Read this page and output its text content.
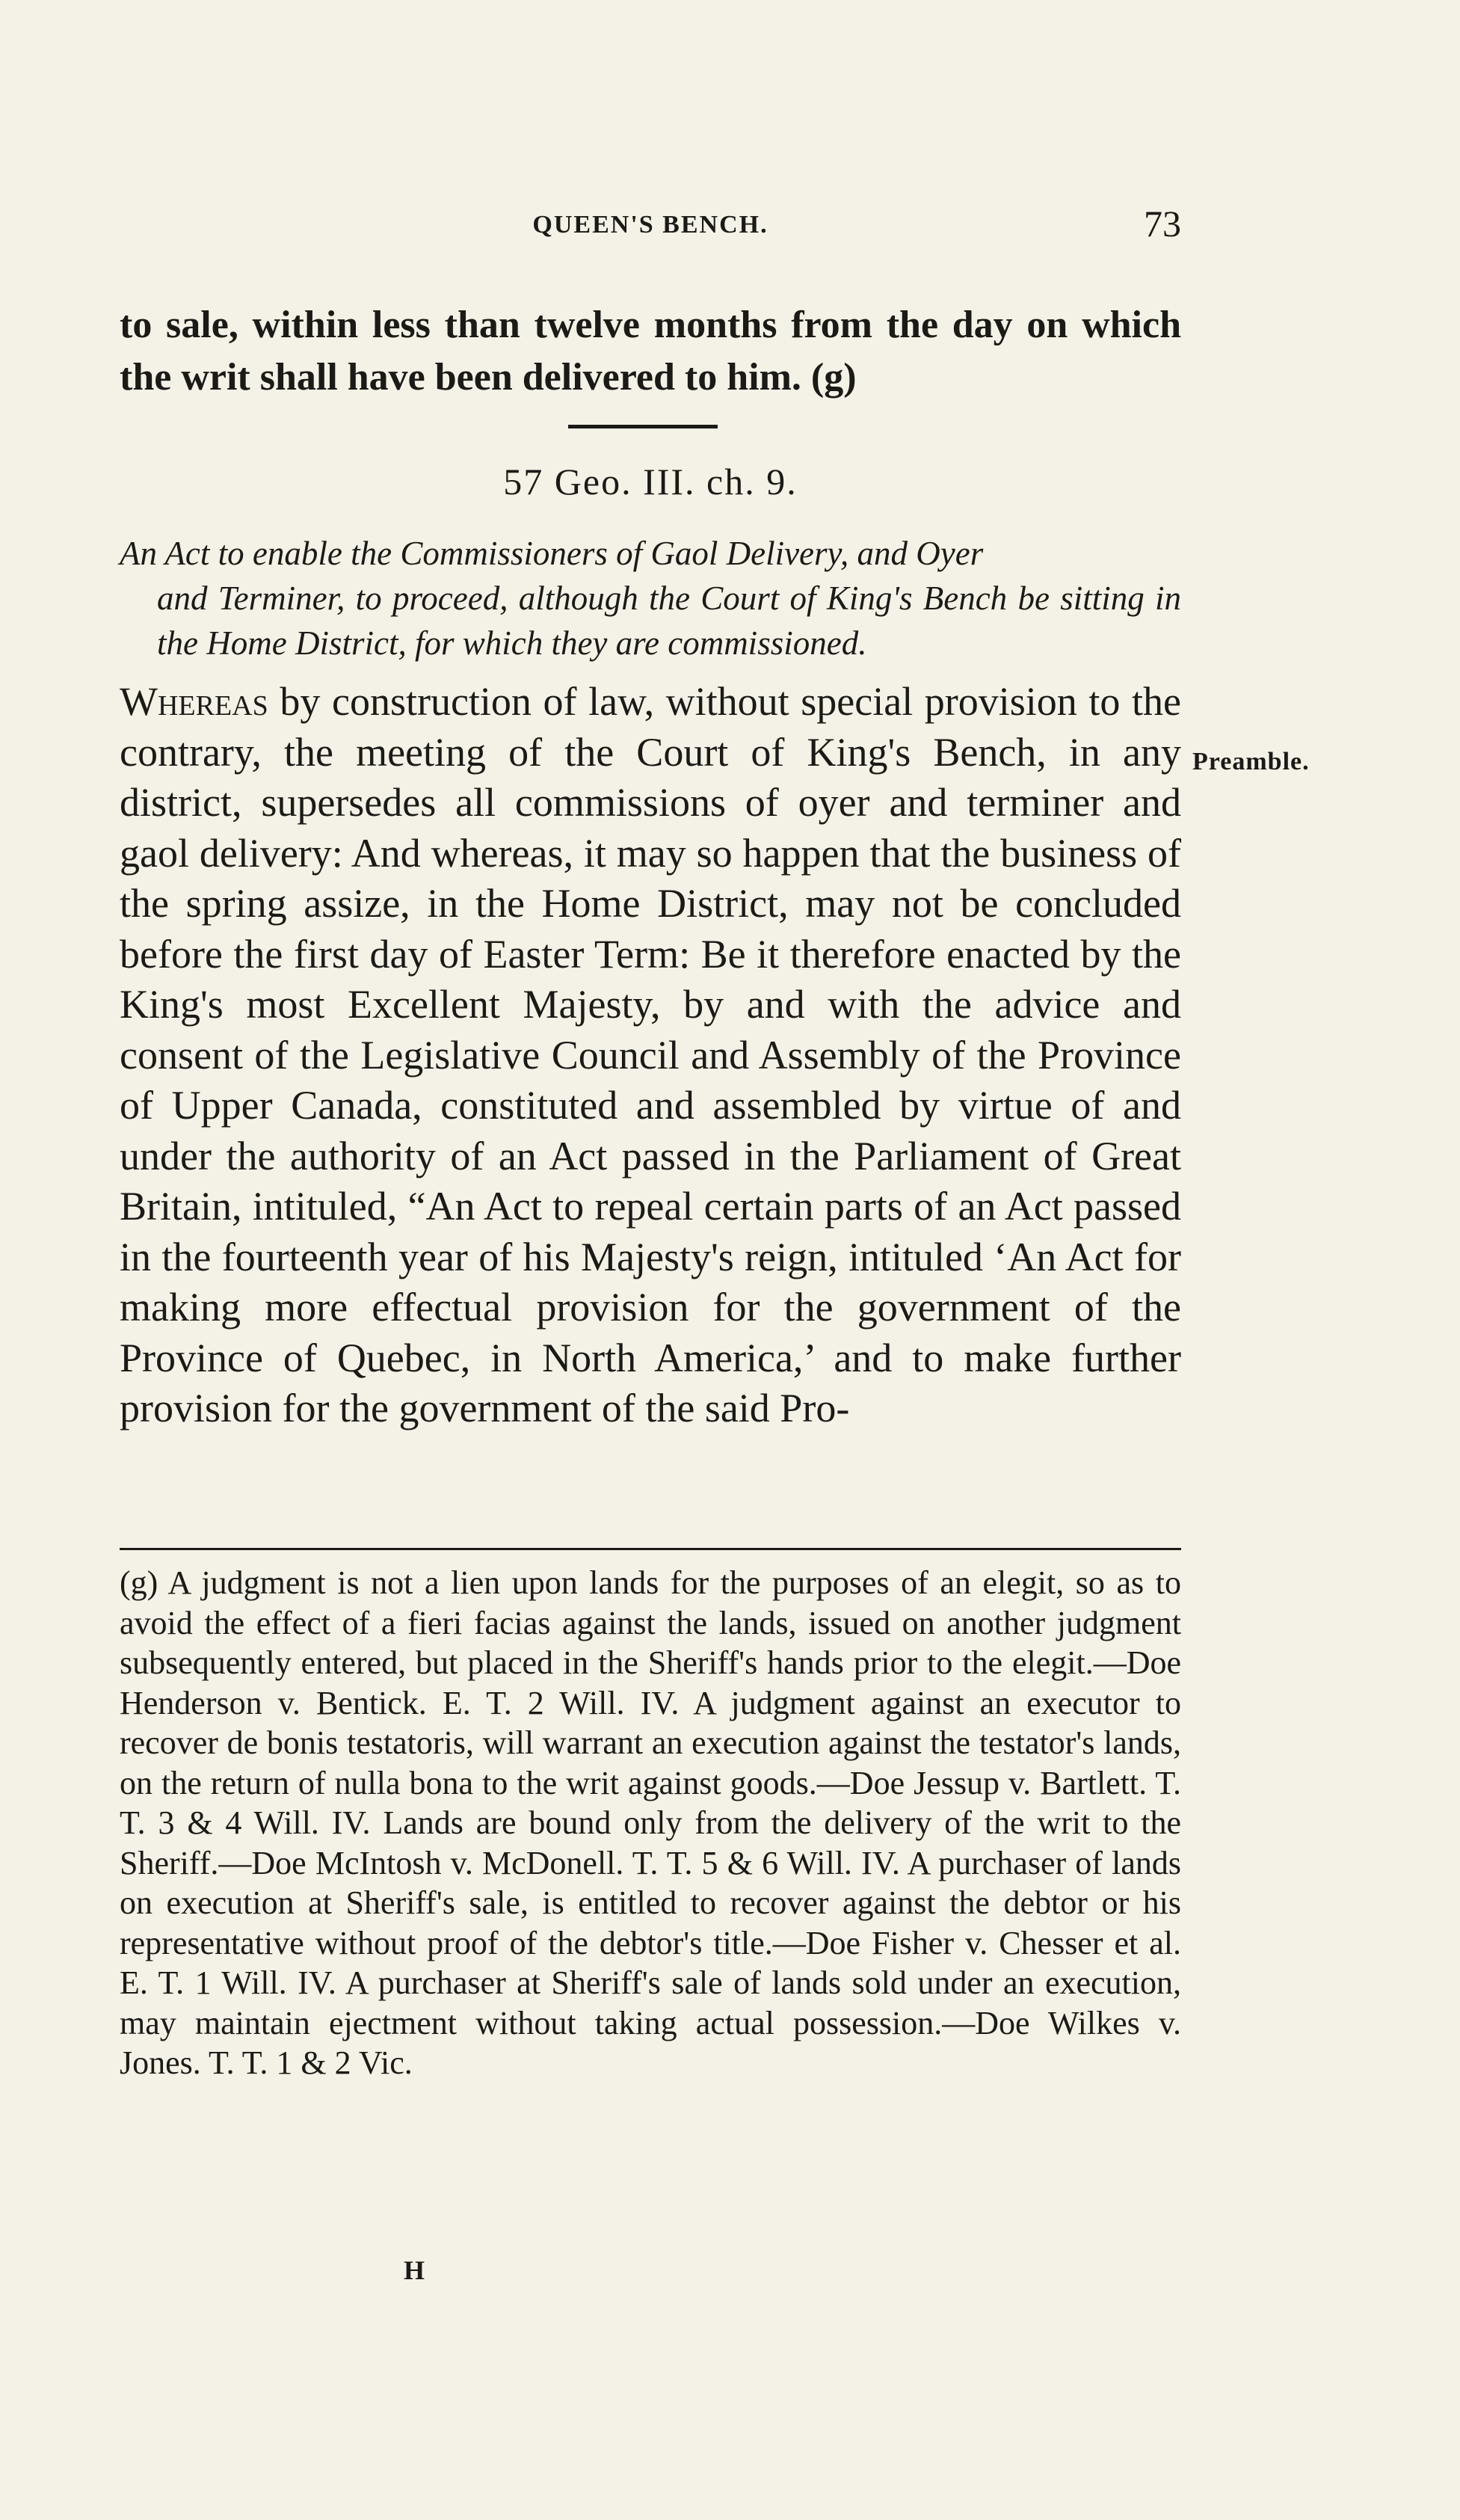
QUEEN'S BENCH.	73
to sale, within less than twelve months from the day on which the writ shall have been delivered to him. (g)
57 Geo. III. ch. 9.
An Act to enable the Commissioners of Gaol Delivery, and Oyer
and Terminer, to proceed, although the Court of King's Bench be sitting in the Home District, for which they are commissioned.
Whereas by construction of law, without special provision to the contrary, the meeting of the Court of King's Bench, in any district, supersedes all commissions of oyer and terminer and gaol delivery: And whereas, it may so happen that the business of the spring assize, in the Home District, may not be concluded before the first day of Easter Term: Be it therefore enacted by the King's most Excellent Majesty, by and with the advice and consent of the Legislative Council and Assembly of the Province of Upper Canada, constituted and assembled by virtue of and under the authority of an Act passed in the Parliament of Great Britain, intituled, “An Act to repeal certain parts of an Act passed in the fourteenth year of his Majesty's reign, intituled ‘An Act for making more effectual provision for the government of the Province of Quebec, in North America,’ and to make further provision for the government of the said Pro-
Preamble.
(g) A judgment is not a lien upon lands for the purposes of an elegit, so as to avoid the effect of a fieri facias against the lands, issued on another judgment subsequently entered, but placed in the Sheriff's hands prior to the elegit.—Doe Henderson v. Bentick. E. T. 2 Will. IV. A judgment against an executor to recover de bonis testatoris, will warrant an execution against the testator's lands, on the return of nulla bona to the writ against goods.—Doe Jessup v. Bartlett. T. T. 3 & 4 Will. IV. Lands are bound only from the delivery of the writ to the Sheriff.—Doe McIntosh v. McDonell. T. T. 5 & 6 Will. IV. A purchaser of lands on execution at Sheriff's sale, is entitled to recover against the debtor or his representative without proof of the debtor's title.—Doe Fisher v. Chesser et al. E. T. 1 Will. IV. A purchaser at Sheriff's sale of lands sold under an execution, may maintain ejectment without taking actual possession.—Doe Wilkes v. Jones. T. T. 1 & 2 Vic.
H
